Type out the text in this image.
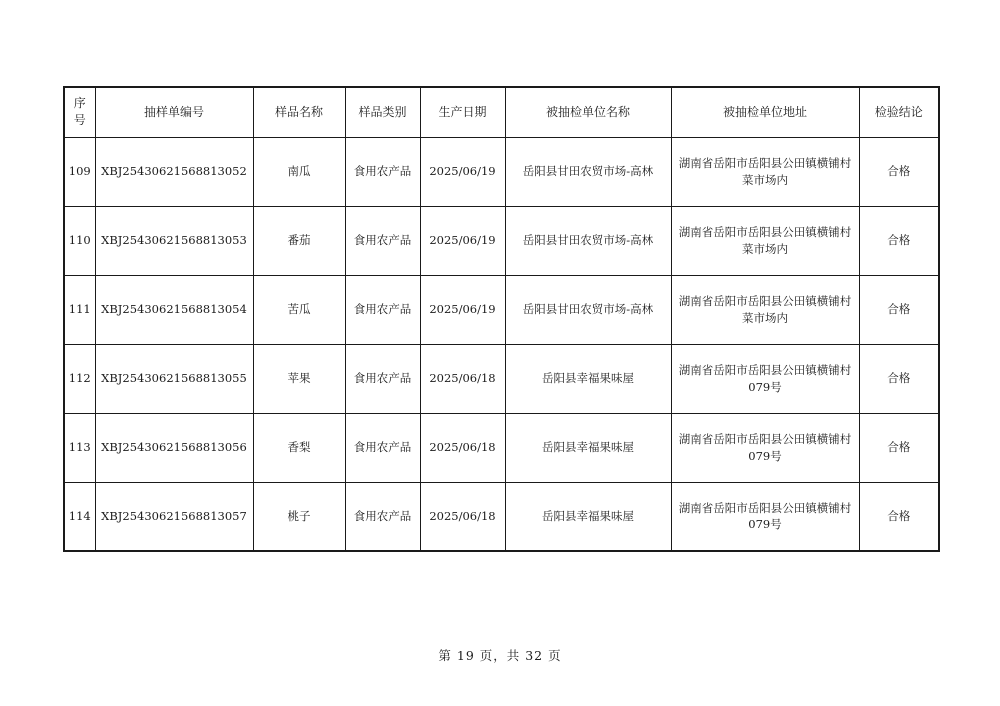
序号	抽样单编号	样品名称	样品类别	生产日期	被抽检单位名称	被抽检单位地址	检验结论
109	XBJ25430621568813052	南瓜	食用农产品	2025/06/19	岳阳县甘田农贸市场-高林	湖南省岳阳市岳阳县公田镇横铺村菜市场内	合格
110	XBJ25430621568813053	番茄	食用农产品	2025/06/19	岳阳县甘田农贸市场-高林	湖南省岳阳市岳阳县公田镇横铺村菜市场内	合格
111	XBJ25430621568813054	苦瓜	食用农产品	2025/06/19	岳阳县甘田农贸市场-高林	湖南省岳阳市岳阳县公田镇横铺村菜市场内	合格
112	XBJ25430621568813055	苹果	食用农产品	2025/06/18	岳阳县幸福果味屋	湖南省岳阳市岳阳县公田镇横铺村079号	合格
113	XBJ25430621568813056	香梨	食用农产品	2025/06/18	岳阳县幸福果味屋	湖南省岳阳市岳阳县公田镇横铺村079号	合格
114	XBJ25430621568813057	桃子	食用农产品	2025/06/18	岳阳县幸福果味屋	湖南省岳阳市岳阳县公田镇横铺村079号	合格
第 19 页，共 32 页
